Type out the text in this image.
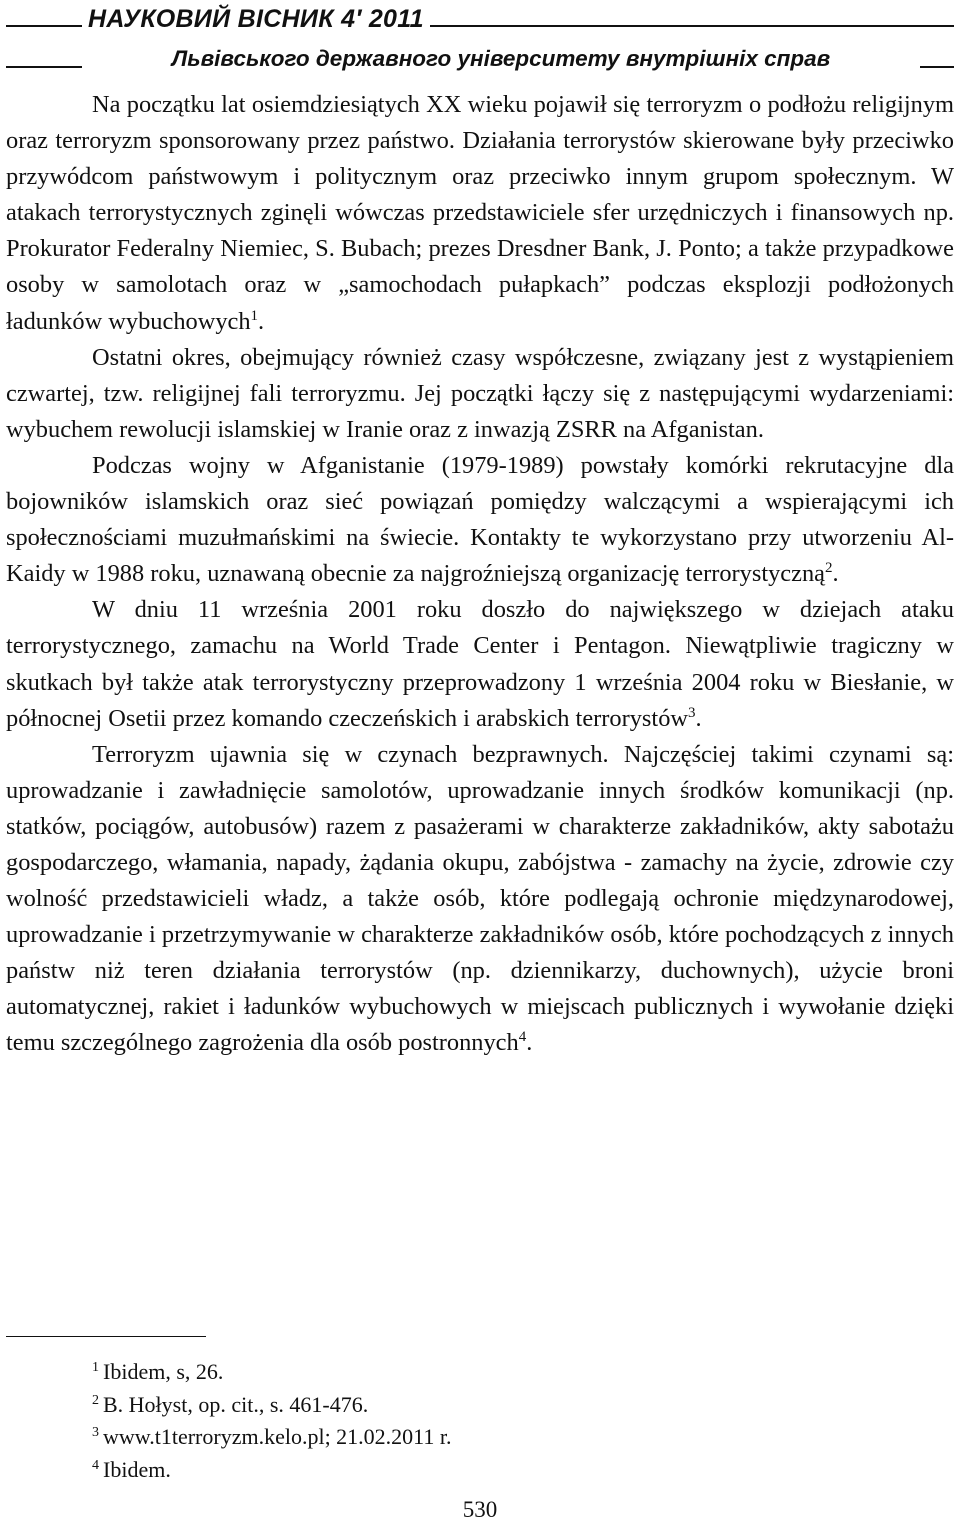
НАУКОВИЙ ВІСНИК 4′ 2011
Львівського державного університету внутрішніх справ

Na początku lat osiemdziesiątych XX wieku pojawił się terroryzm o podłożu religijnym oraz terroryzm sponsorowany przez państwo. Działania terrorystów skierowane były przeciwko przywódcom państwowym i politycznym oraz przeciwko innym grupom społecznym. W atakach terrorystycznych zginęli wówczas przedstawiciele sfer urzędniczych i finansowych np. Prokurator Federalny Niemiec, S. Bubach; prezes Dresdner Bank, J. Ponto; a także przypadkowe osoby w samolotach oraz w „samochodach pułapkach” podczas eksplozji podłożonych ładunków wybuchowych$^1$.

Ostatni okres, obejmujący również czasy współczesne, związany jest z wystąpieniem czwartej, tzw. religijnej fali terroryzmu. Jej początki łączy się z następującymi wydarzeniami: wybuchem rewolucji islamskiej w Iranie oraz z inwazją ZSRR na Afganistan.

Podczas wojny w Afganistanie (1979-1989) powstały komórki rekrutacyjne dla bojowników islamskich oraz sieć powiązań pomiędzy walczącymi a wspierającymi ich społecznościami muzułmańskimi na świecie. Kontakty te wykorzystano przy utworzeniu Al-Kaidy w 1988 roku, uznawaną obecnie za najgroźniejszą organizację terrorystyczną$^2$.

W dniu 11 września 2001 roku doszło do największego w dziejach ataku terrorystycznego, zamachu na World Trade Center i Pentagon. Niewątpliwie tragiczny w skutkach był także atak terrorystyczny przeprowadzony 1 września 2004 roku w Biesłanie, w północnej Osetii przez komando czeczeńskich i arabskich terrorystów$^3$.

Terroryzm ujawnia się w czynach bezprawnych. Najczęściej takimi czynami są: uprowadzanie i zawładnięcie samolotów, uprowadzanie innych środków komunikacji (np. statków, pociągów, autobusów) razem z pasażerami w charakterze zakładników, akty sabotażu gospodarczego, włamania, napady, żądania okupu, zabójstwa - zamachy na życie, zdrowie czy wolność przedstawicieli władz, a także osób, które podlegają ochronie międzynarodowej, uprowadzanie i przetrzymywanie w charakterze zakładników osób, które pochodzących z innych państw niż teren działania terrorystów (np. dziennikarzy, duchownych), użycie broni automatycznej, rakiet i ładunków wybuchowych w miejscach publicznych i wywołanie dzięki temu szczególnego zagrożenia dla osób postronnych$^4$.

$^1$ Ibidem, s, 26.
$^2$ B. Hołyst, op. cit., s. 461-476.
$^3$ www.t1terroryzm.kelo.pl; 21.02.2011 r.
$^4$ Ibidem.
530
